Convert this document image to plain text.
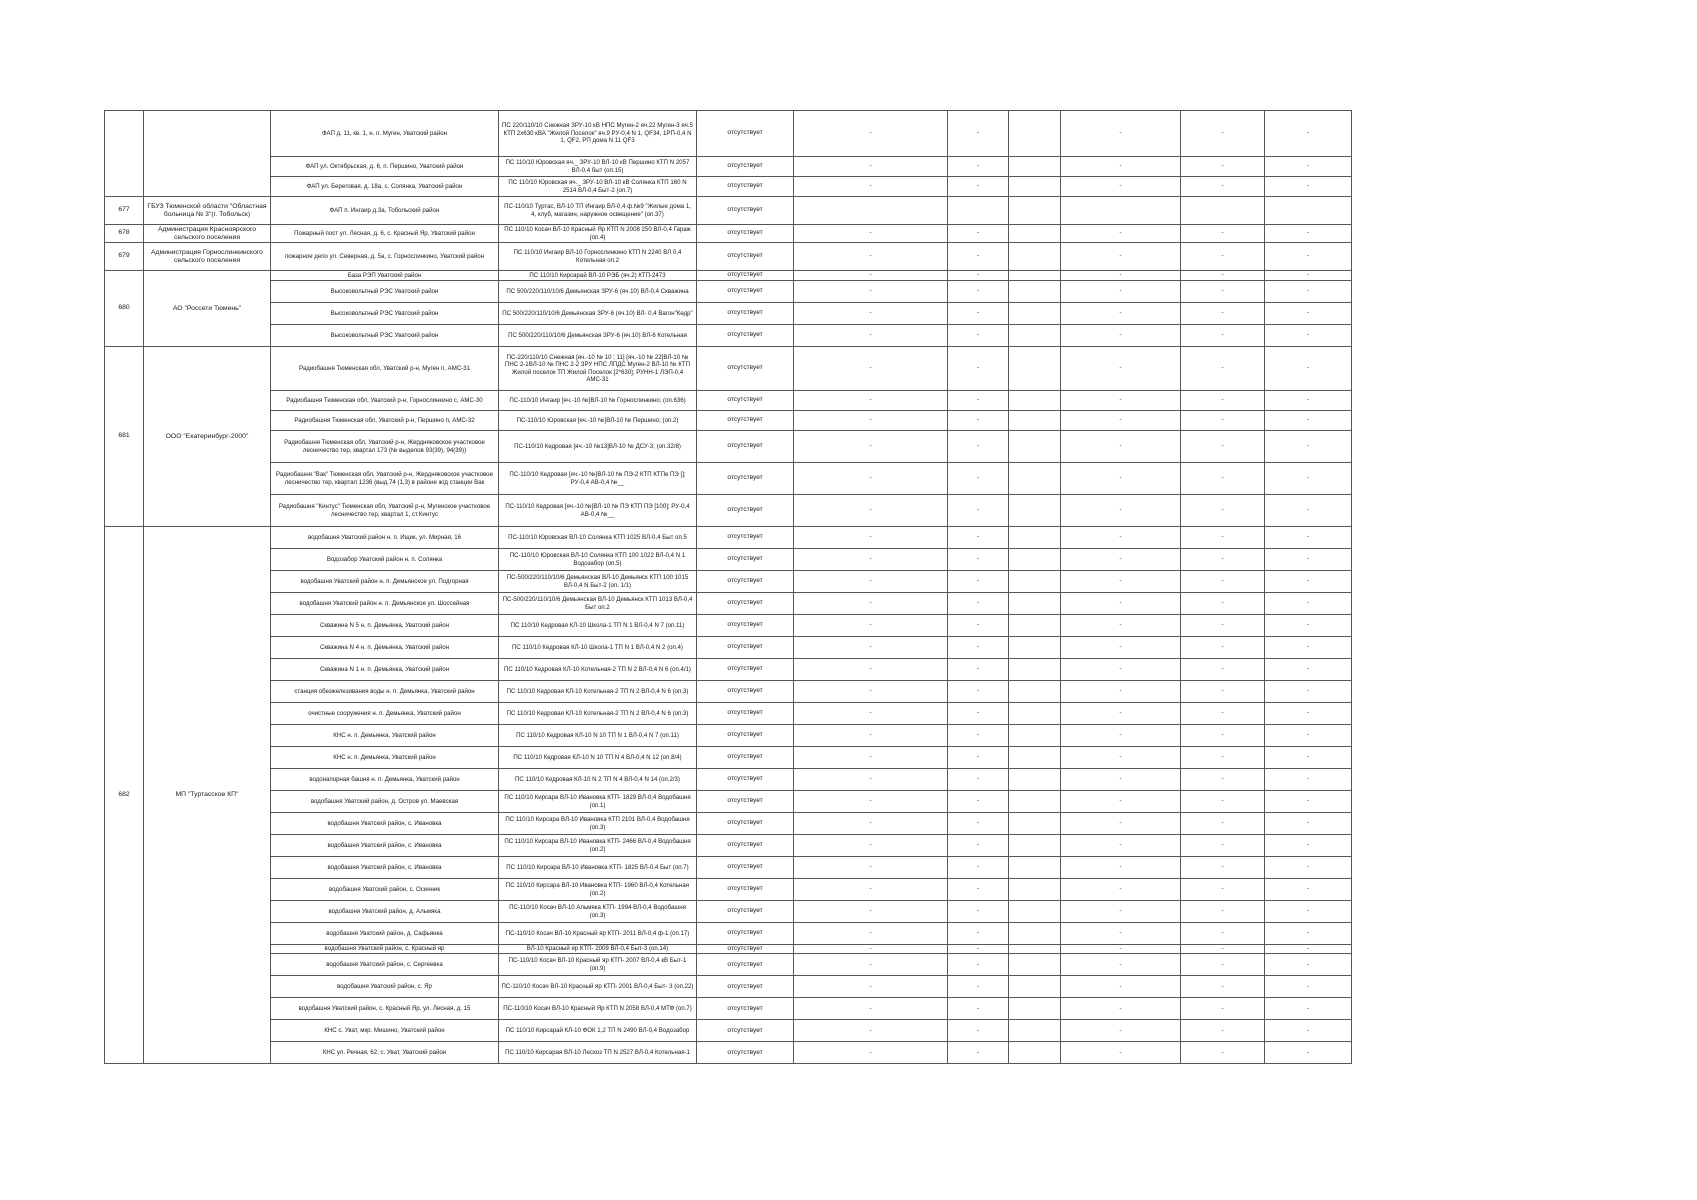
		ФАП д. 11, кв. 1, н. п. Муген, Уватский район	ПС 220/110/10 Снежная ЗРУ-10 кВ НПС Муген-2 яч.22 Муген-3 яч.5 КТП 2х630 кВА "Жилой Поселок" яч.9 РУ-0,4 N 1, QF34, 1РП-0,4 N 1, QF2, РП дома N 11 QF3	отсутствует	-	-		-	-	-
		ФАП ул. Октябрьская, д. 6, п. Першино, Уватский район	ПС 110/10 Юровская яч._ ЗРУ-10 ВЛ-10 кВ Першино КТП N 2057 ВЛ-0,4 быт (оп.15)	отсутствует	-	-		-	-	-
		ФАП ул. Береговая, д. 18а, с. Солянка, Уватский район	ПС 110/10 Юровская яч._ ЗРУ-10 ВЛ-10 кВ Солянка КТП 160 N 2514 ВЛ-0,4 Быт-2 (оп.7)	отсутствует	-	-		-	-	-
677	ГБУЗ Тюменской области "Областная больница № 3"(г. Тобольск)	ФАП п. Ингаир д.3а, Тобольский район	ПС-110/10 Туртас, ВЛ-10 ТП Ингаир ВЛ-0,4 ф.№9 "Жилые дома 1, 4, клуб, магазин, наружное освещение" (оп.37)	отсутствует						
678	Администрация Красноярского сельского поселения	Пожарный пост ул. Лесная, д. 6, с. Красный Яр, Уватский район	ПС 110/10 Косач ВЛ-10 Красный Яр КТП N 2008 250 ВЛ-0,4 Гараж (оп.4)	отсутствует	-	-		-	-	-
679	Администрация Горнослинкинского сельского поселения	пожарное депо ул. Северная, д. 5а, с. Горнослинкино, Уватский район	ПС 110/10 Ингаир ВЛ-10 Горнослинкино КТП N 2240 ВЛ 0,4 Котельная оп.2	отсутствует	-	-		-	-	-
680	АО "Россети Тюмень"	База РЭП Уватский район	ПС 110/10 Кирсарай ВЛ-10 РЭБ (яч.2) КТП-2473	отсутствует	-	-		-	-	-
		Высоковольтный РЭС Уватский район	ПС 500/220/110/10/6 Демьянская ЗРУ-6 (яч.10) ВЛ-0,4 Скважина	отсутствует	-	-		-	-	-
		Высоковольтный РЭС Уватский район	ПС 500/220/110/10/6 Демьянская ЗРУ-6 (яч.10) ВЛ- 0,4 Вагон"Кедр"	отсутствует	-	-		-	-	-
		Высоковольтный РЭС Уватский район	ПС 500/220/110/10/6 Демьянская ЗРУ-6 (яч.10) ВЛ-6 Котельная	отсутствует	-	-		-	-	-
681	ООО "Екатеринбург-2000"	Радиобашня Тюменская обл, Уватский р-н, Муген п, АМС-31	ПС-220/110/10 Снежная [яч.-10 № 10 ; 11] [яч.-10 № 22]ВЛ-10 № ПНС 2-1ВЛ-10 № ПНС 2-2 ЗРУ НПС ЛПДС Муген-2 ВЛ-10 № КТП Жилой поселок ТП Жилой Поселок [2*630]; РУНН-1 ЛЭП-0,4 АМС-31	отсутствует	-	-		-	-	-
		Радиобашня Тюменская обл, Уватский р-н, Горнослинкино с, АМС-30	ПС-110/10 Ингаир [яч.-10 №]ВЛ-10 № Горнослинкино; (оп.636)	отсутствует	-	-		-	-	-
		Радиобашня Тюменская обл, Уватский р-н, Першино п, АМС-32	ПС-110/10 Юровская [яч.-10 №]ВЛ-10 № Першино; (оп.2)	отсутствует	-	-		-	-	-
		Радиобашня Тюменская обл, Уватский р-н, Жердняковское участковое лесничество тер, квартал 173 (№ выделов 93(39), 94(39))	ПС-110/10 Кедровая [яч.-10 №13]ВЛ-10 № ДСУ-3; (оп.32/8)	отсутствует	-	-		-	-	-
		Радиобашня "Вак" Тюменская обл, Уватский р-н, Жердняковское участковое лесничество тер, квартал 1236 (выд.74 (1,3) в районе ж/д станции Вак	ПС-110/10 Кедровая [яч.-10 №]ВЛ-10 № ПЭ-2 КТП КТПе ПЭ []; РУ-0,4 АВ-0,4 №__	отсутствует	-	-		-	-	-
		Радиобашня "Кинтус" Тюменская обл, Уватский р-н, Мугенское участковое лесничество тер, квартал 1, ст.Кинтус	ПС-110/10 Кедровая [яч.-10 №]ВЛ-10 № ПЭ КТП ПЭ [100]; РУ-0,4 АВ-0,4 №__	отсутствует	-	-		-	-	-
682	МП "Туртасское КП"	водобашня Уватский район н. п. Ищик, ул. Мирная, 16	ПС-110/10 Юровская ВЛ-10 Солянка КТП 1025 ВЛ-0,4 Быт оп.5	отсутствует	-	-		-	-	-
		Водозабор Уватский район н. п. Солянка	ПС-110/10 Юровская ВЛ-10 Солянка КТП 100 1022 ВЛ-0,4 N 1 Водозабор (оп.5)	отсутствует	-	-		-	-	-
		водобашня Уватский район н. п. Демьянское ул. Подгорная	ПС-500/220/110/10/6 Демьянская ВЛ-10 Демьянск КТП 100 1015 ВЛ-0,4 N Быт-2 (оп. 1/1)	отсутствует	-	-		-	-	-
		водобашня Уватский район н. п. Демьянское ул. Шоссейная	ПС-500/220/110/10/6 Демьянская ВЛ-10 Демьянск КТП 1013 ВЛ-0,4 Быт оп.2	отсутствует	-	-		-	-	-
		Скважина N 5 н. п. Демьянка, Уватский район	ПС 110/10 Кедровая КЛ-10 Школа-1 ТП N 1 ВЛ-0,4 N 7 (оп.11)	отсутствует	-	-		-	-	-
		Скважина N 4 н. п. Демьянка, Уватский район	ПС 110/10 Кедровая КЛ-10 Школа-1 ТП N 1 ВЛ-0,4 N 2 (оп.4)	отсутствует	-	-		-	-	-
		Скважина N 1 н. п. Демьянка, Уватский район	ПС 110/10 Кедровая КЛ-10 Котельная-2 ТП N 2 ВЛ-0,4 N 6 (оп.4/1)	отсутствует	-	-		-	-	-
		станция обезжелезивания воды н. п. Демьянка, Уватский район	ПС 110/10 Кедровая КЛ-10 Котельная-2 ТП N 2 ВЛ-0,4 N 6 (оп.3)	отсутствует	-	-		-	-	-
		очистные сооружения н. п. Демьянка, Уватский район	ПС 110/10 Кедровая КЛ-10 Котельная-2 ТП N 2 ВЛ-0,4 N 6 (оп.3)	отсутствует	-	-		-	-	-
		КНС н. п. Демьянка, Уватский район	ПС 110/10 Кедровая КЛ-10 N 10 ТП N 1 ВЛ-0,4 N 7 (оп.11)	отсутствует	-	-		-	-	-
		КНС н. п. Демьянка, Уватский район	ПС 110/10 Кедровая КЛ-10 N 10 ТП N 4 ВЛ-0,4 N 12 (оп.8/4)	отсутствует	-	-		-	-	-
		водонапорная башня н. п. Демьянка, Уватский район	ПС 110/10 Кедровая КЛ-10 N 2 ТП N 4 ВЛ-0,4 N 14 (оп.2/3)	отсутствует	-	-		-	-	-
		водобашня Уватский район, д. Остров ул. Маевская	ПС 110/10 Кирсара ВЛ-10 Ивановка КТП- 1829 ВЛ-0,4 Водобашня (оп.1)	отсутствует	-	-		-	-	-
		водобашня Уватский район, с. Ивановка	ПС 110/10 Кирсара ВЛ-10 Ивановка КТП 2101 ВЛ-0,4 Водобашня (оп.3)	отсутствует	-	-		-	-	-
		водобашня Уватский район, с. Ивановка	ПС 110/10 Кирсара ВЛ-10 Ивановка КТП- 2466 ВЛ-0,4 Водобашня (оп.2)	отсутствует	-	-		-	-	-
		водобашня Уватский район, с. Ивановка	ПС 110/10 Кирсара ВЛ-10 Ивановка КТП- 1825 ВЛ-0,4 Быт (оп.7)	отсутствует	-	-		-	-	-
		водобашня Уватский район, с. Осинник	ПС 110/10 Кирсара ВЛ-10 Ивановка КТП- 1960 ВЛ-0,4 Котельная (оп.2)	отсутствует	-	-		-	-	-
		водобашня Уватский район, д. Альмяка	ПС-110/10 Косач ВЛ-10 Альмяка КТП- 1994 ВЛ-0,4 Водобашня (оп.3)	отсутствует	-	-		-	-	-
		водобашня Уватский район, д. Сафьянка	ПС-110/10 Косач ВЛ-10 Красный яр КТП- 2011 ВЛ-0,4 ф-1 (оп.17)	отсутствует	-	-		-	-	-
		водобашня Уватский район, с. Красный яр	ВЛ-10 Красный яр КТП- 2009 ВЛ-0,4 Быт-3 (оп.14)	отсутствует	-	-		-	-	-
		водобашня Уватский район, с. Сергеевка	ПС-110/10 Косач ВЛ-10 Красный яр КТП- 2007 ВЛ-0,4 кВ Быт-1 (оп.9)	отсутствует	-	-		-	-	-
		водобашня Уватский район, с. Яр	ПС-110/10 Косач ВЛ-10 Красный яр КТП- 2001 ВЛ-0,4 Быт- 3 (оп.22)	отсутствует	-	-		-	-	-
		водобашня Уватский район, с. Красный Яр, ул. Лесная, д. 15	ПС-110/10 Косач ВЛ-10 Красный Яр КТП N 2058 ВЛ-0,4 МТФ (оп.7)	отсутствует	-	-		-	-	-
		КНС с. Уват, мкр. Мишино, Уватский район	ПС 110/10 Кирсарай КЛ-10 ФОК 1,2 ТП N 2490 ВЛ-0,4 Водозабор	отсутствует	-	-		-	-	-
		КНС ул. Речная, 62, с. Уват, Уватский район	ПС 110/10 Кирсарая ВЛ-10 Лесхоз ТП N 2527 ВЛ-0,4 Котельная-1	отсутствует	-	-		-	-	-
